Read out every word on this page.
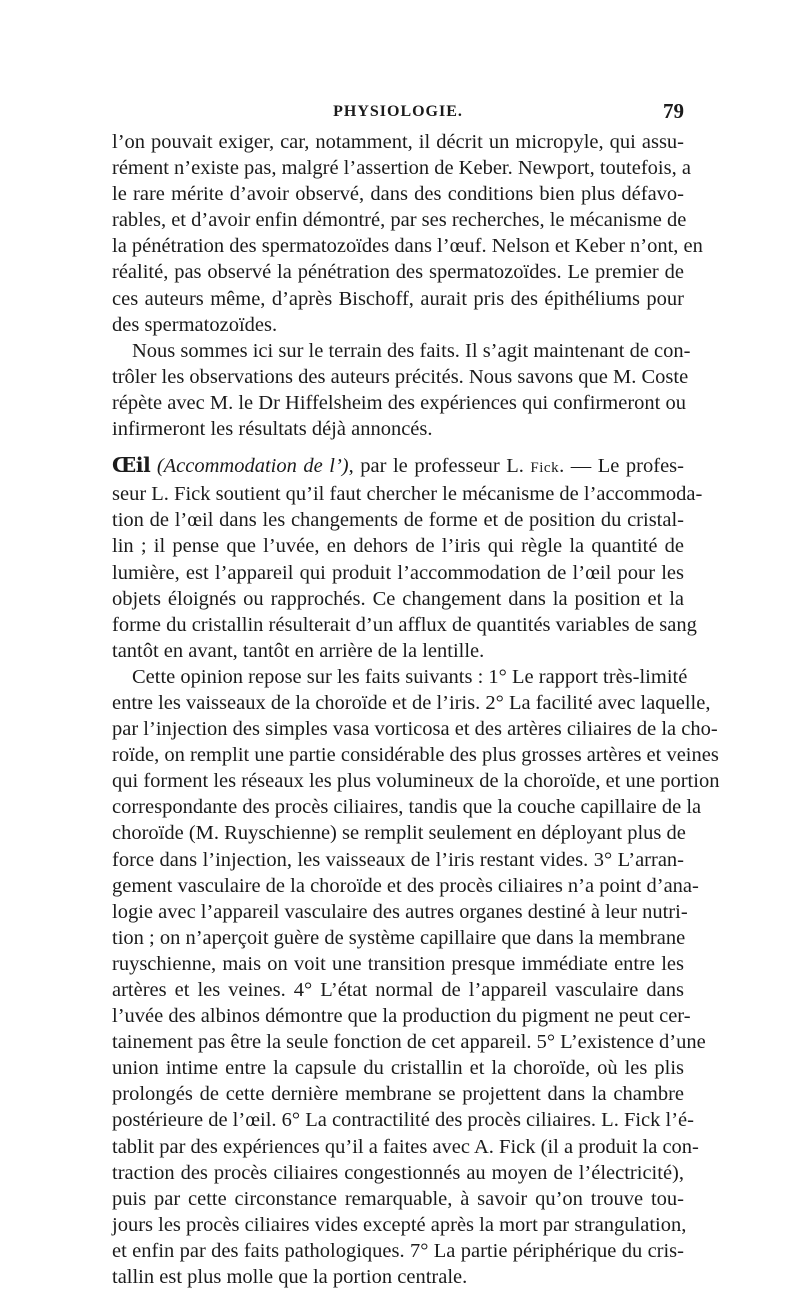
PHYSIOLOGIE.	79
l’on pouvait exiger, car, notamment, il décrit un micropyle, qui assu-
rément n’existe pas, malgré l’assertion de Keber. Newport, toutefois, a
le rare mérite d’avoir observé, dans des conditions bien plus défavo-
rables, et d’avoir enfin démontré, par ses recherches, le mécanisme de
la pénétration des spermatozoïdes dans l’œuf. Nelson et Keber n’ont, en
réalité, pas observé la pénétration des spermatozoïdes. Le premier de
ces auteurs même, d’après Bischoff, aurait pris des épithéliums pour
des spermatozoïdes.
Nous sommes ici sur le terrain des faits. Il s’agit maintenant de con-
trôler les observations des auteurs précités. Nous savons que M. Coste
répète avec M. le Dr Hiffelsheim des expériences qui confirmeront ou
infirmeront les résultats déjà annoncés.
Œil (Accommodation de l’), par le professeur L. Fick. — Le profes-
seur L. Fick soutient qu’il faut chercher le mécanisme de l’accommoda-
tion de l’œil dans les changements de forme et de position du cristal-
lin ; il pense que l’uvée, en dehors de l’iris qui règle la quantité de
lumière, est l’appareil qui produit l’accommodation de l’œil pour les
objets éloignés ou rapprochés. Ce changement dans la position et la
forme du cristallin résulterait d’un afflux de quantités variables de sang
tantôt en avant, tantôt en arrière de la lentille.
Cette opinion repose sur les faits suivants : 1° Le rapport très-limité
entre les vaisseaux de la choroïde et de l’iris. 2° La facilité avec laquelle,
par l’injection des simples vasa vorticosa et des artères ciliaires de la cho-
roïde, on remplit une partie considérable des plus grosses artères et veines
qui forment les réseaux les plus volumineux de la choroïde, et une portion
correspondante des procès ciliaires, tandis que la couche capillaire de la
choroïde (M. Ruyschienne) se remplit seulement en déployant plus de
force dans l’injection, les vaisseaux de l’iris restant vides. 3° L’arran-
gement vasculaire de la choroïde et des procès ciliaires n’a point d’ana-
logie avec l’appareil vasculaire des autres organes destiné à leur nutri-
tion ; on n’aperçoit guère de système capillaire que dans la membrane
ruyschienne, mais on voit une transition presque immédiate entre les
artères et les veines. 4° L’état normal de l’appareil vasculaire dans
l’uvée des albinos démontre que la production du pigment ne peut cer-
tainement pas être la seule fonction de cet appareil. 5° L’existence d’une
union intime entre la capsule du cristallin et la choroïde, où les plis
prolongés de cette dernière membrane se projettent dans la chambre
postérieure de l’œil. 6° La contractilité des procès ciliaires. L. Fick l’é-
tablit par des expériences qu’il a faites avec A. Fick (il a produit la con-
traction des procès ciliaires congestionnés au moyen de l’électricité),
puis par cette circonstance remarquable, à savoir qu’on trouve tou-
jours les procès ciliaires vides excepté après la mort par strangulation,
et enfin par des faits pathologiques. 7° La partie périphérique du cris-
tallin est plus molle que la portion centrale.
